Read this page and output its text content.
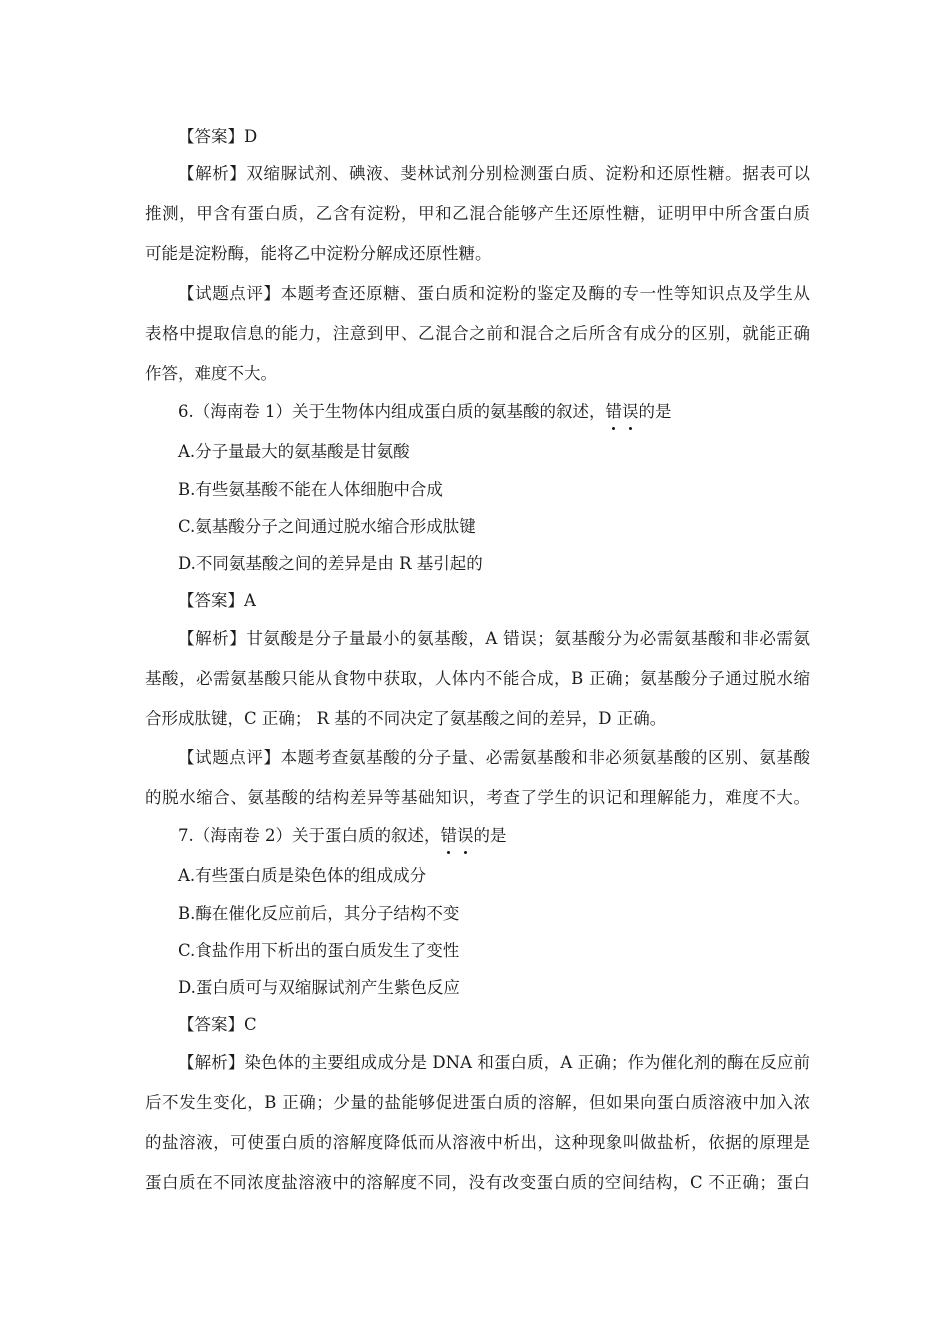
【答案】D
【解析】双缩脲试剂、碘液、斐林试剂分别检测蛋白质、淀粉和还原性糖。据表可以
推测，甲含有蛋白质，乙含有淀粉，甲和乙混合能够产生还原性糖，证明甲中所含蛋白质
可能是淀粉酶，能将乙中淀粉分解成还原性糖。
【试题点评】本题考查还原糖、蛋白质和淀粉的鉴定及酶的专一性等知识点及学生从
表格中提取信息的能力，注意到甲、乙混合之前和混合之后所含有成分的区别，就能正确
作答，难度不大。
6.（海南卷 1）关于生物体内组成蛋白质的氨基酸的叙述，错误的是
A.分子量最大的氨基酸是甘氨酸
B.有些氨基酸不能在人体细胞中合成
C.氨基酸分子之间通过脱水缩合形成肽键
D.不同氨基酸之间的差异是由 R 基引起的
【答案】A
【解析】甘氨酸是分子量最小的氨基酸，A 错误；氨基酸分为必需氨基酸和非必需氨
基酸，必需氨基酸只能从食物中获取，人体内不能合成，B 正确；氨基酸分子通过脱水缩
合形成肽键，C 正确； R 基的不同决定了氨基酸之间的差异，D 正确。
【试题点评】本题考查氨基酸的分子量、必需氨基酸和非必须氨基酸的区别、氨基酸
的脱水缩合、氨基酸的结构差异等基础知识，考查了学生的识记和理解能力，难度不大。
7.（海南卷 2）关于蛋白质的叙述，错误的是
A.有些蛋白质是染色体的组成成分
B.酶在催化反应前后，其分子结构不变
C.食盐作用下析出的蛋白质发生了变性
D.蛋白质可与双缩脲试剂产生紫色反应
【答案】C
【解析】染色体的主要组成成分是 DNA 和蛋白质，A 正确；作为催化剂的酶在反应前
后不发生变化，B 正确；少量的盐能够促进蛋白质的溶解，但如果向蛋白质溶液中加入浓
的盐溶液，可使蛋白质的溶解度降低而从溶液中析出，这种现象叫做盐析，依据的原理是
蛋白质在不同浓度盐溶液中的溶解度不同，没有改变蛋白质的空间结构，C 不正确；蛋白
